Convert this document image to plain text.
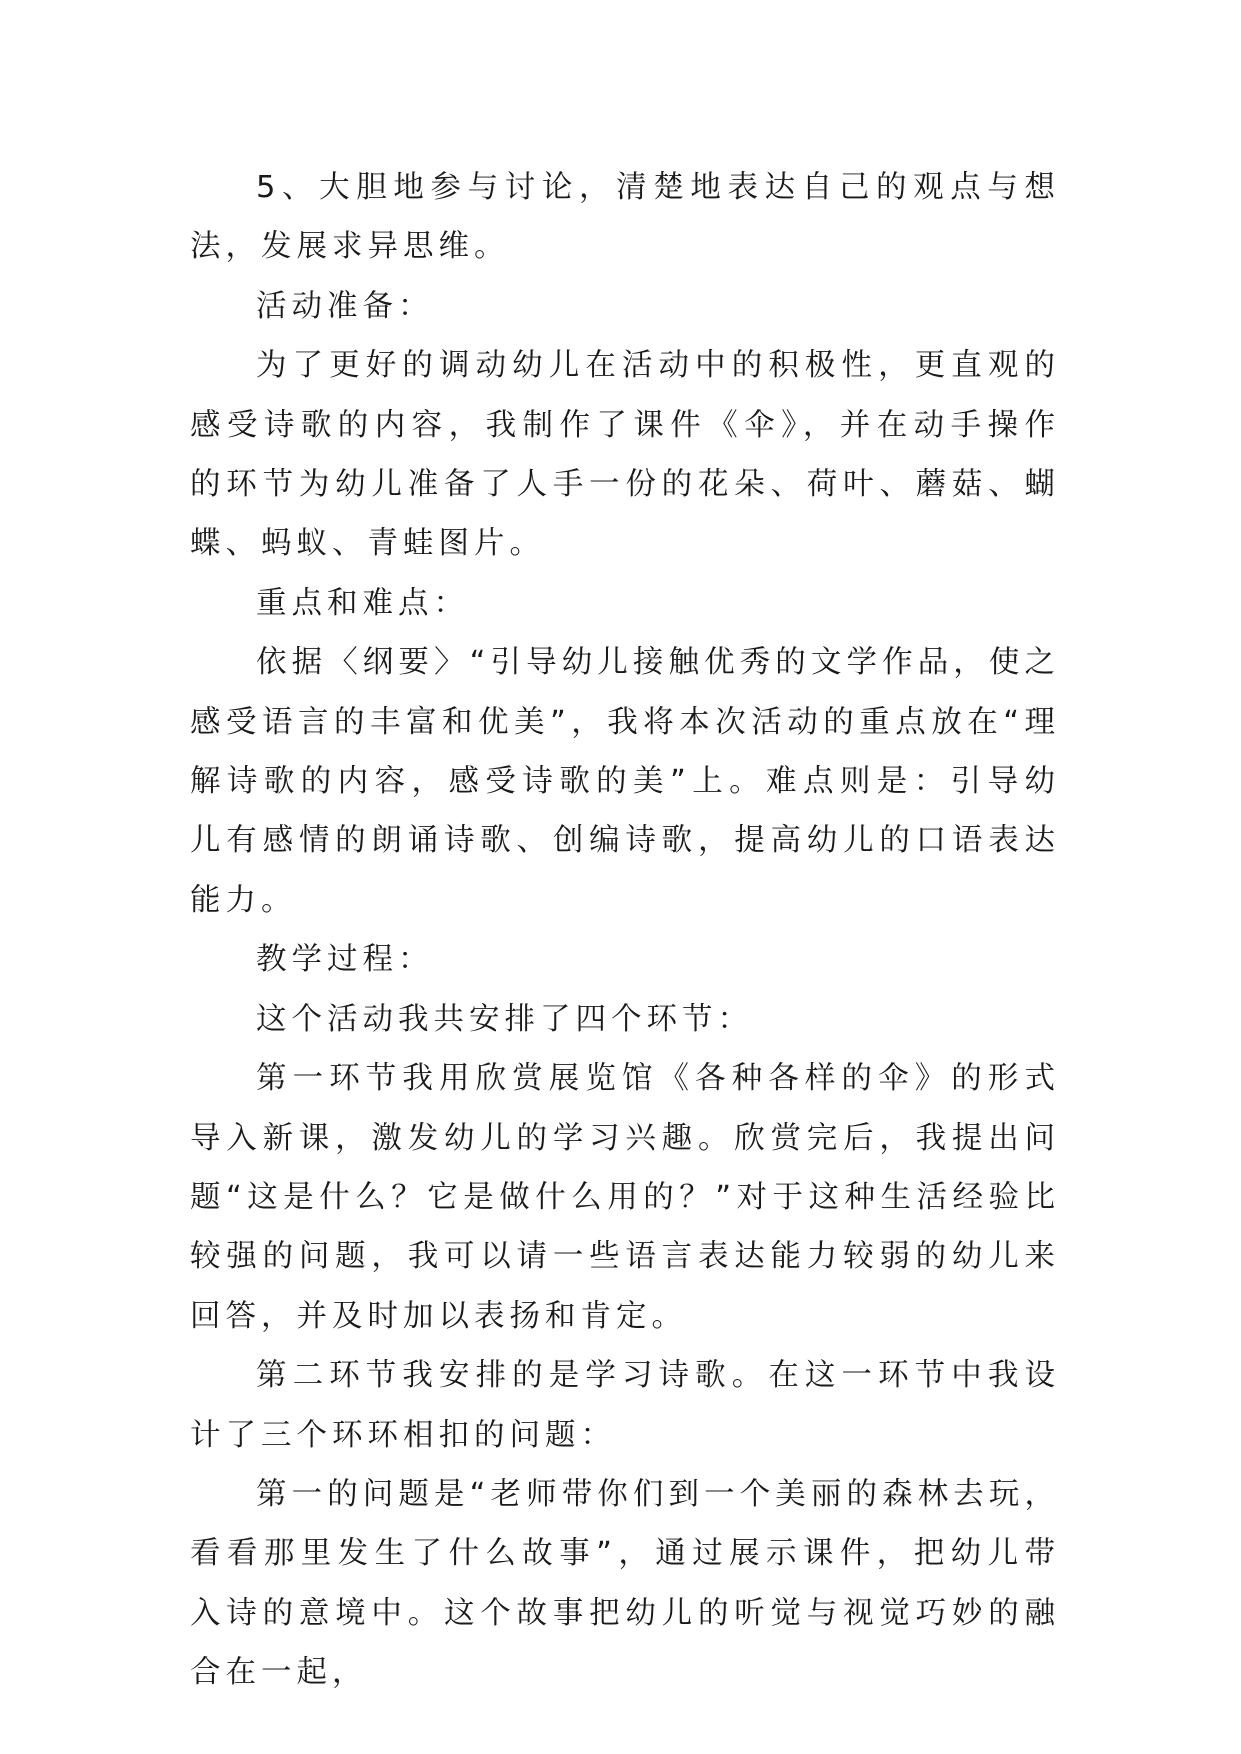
5、大胆地参与讨论，清楚地表达自己的观点与想法，发展求异思维。

活动准备：

为了更好的调动幼儿在活动中的积极性，更直观的感受诗歌的内容，我制作了课件《伞》，并在动手操作的环节为幼儿准备了人手一份的花朵、荷叶、蘑菇、蝴蝶、蚂蚁、青蛙图片。

重点和难点：

依据〈纲要〉“引导幼儿接触优秀的文学作品，使之感受语言的丰富和优美”，我将本次活动的重点放在“理解诗歌的内容，感受诗歌的美”上。难点则是：引导幼儿有感情的朗诵诗歌、创编诗歌，提高幼儿的口语表达能力。

教学过程：

这个活动我共安排了四个环节：

第一环节我用欣赏展览馆《各种各样的伞》的形式导入新课，激发幼儿的学习兴趣。欣赏完后，我提出问题“这是什么？它是做什么用的？”对于这种生活经验比较强的问题，我可以请一些语言表达能力较弱的幼儿来回答，并及时加以表扬和肯定。

第二环节我安排的是学习诗歌。在这一环节中我设计了三个环环相扣的问题：

第一的问题是“老师带你们到一个美丽的森林去玩，看看那里发生了什么故事”，通过展示课件，把幼儿带入诗的意境中。这个故事把幼儿的听觉与视觉巧妙的融合在一起，
